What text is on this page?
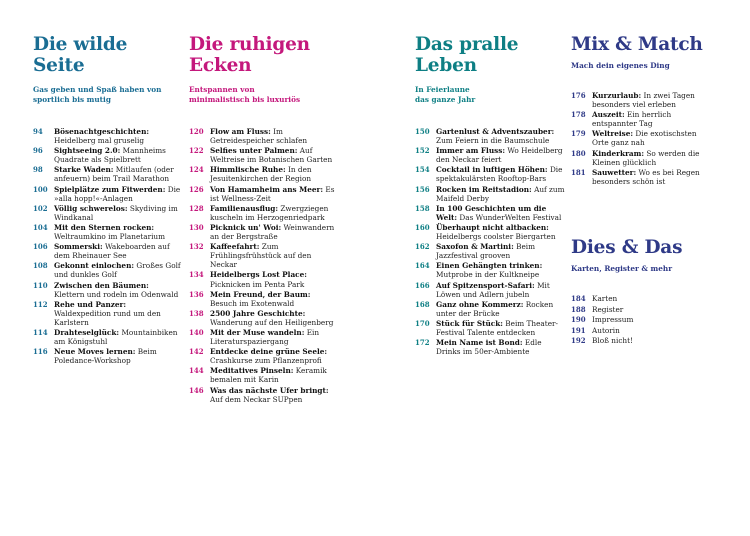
Die wilde
Seite

Gas geben und Spaß haben von
sportlich bis mutig

94 Bösenachtgeschichten: Heidelberg mal gruselig
96 Sightseeing 2.0: Mannheims Quadrate als Spielbrett
98 Starke Waden: Mitlaufen (oder anfeuern) beim Trail Marathon
100 Spielplätze zum Fitwerden: Die »alla hopp!«-Anlagen
102 Völlig schwerelos: Skydiving im Windkanal
104 Mit den Sternen rocken: Weltraumkino im Planetarium
106 Sommerski: Wakeboarden auf dem Rheinauer See
108 Gekonnt einlochen: Großes Golf und dunkles Golf
110 Zwischen den Bäumen: Klettern und rodeln im Odenwald
112 Rehe und Panzer: Waldexpedition rund um den Karlstern
114 Drahteselglück: Mountainbiken am Königstuhl
116 Neue Moves lernen: Beim Poledance-Workshop
Die ruhigen
Ecken

Entspannen von
minimalistisch bis luxuriös

120 Flow am Fluss: Im Getreidespeicher schlafen
122 Selfies unter Palmen: Auf Weltreise im Botanischen Garten
124 Himmlische Ruhe: In den Jesuitenkirchen der Region
126 Von Hamamheim ans Meer: Es ist Wellness-Zeit
128 Familienausflug: Zwergziegen kuscheln im Herzogenriedpark
130 Picknick un' Woi: Weinwandern an der Bergstraße
132 Kaffeefahrt: Zum Frühlingsfrühstück auf den Neckar
134 Heidelbergs Lost Place: Picknicken im Penta Park
136 Mein Freund, der Baum: Besuch im Exotenwald
138 2500 Jahre Geschichte: Wanderung auf den Heiligenberg
140 Mit der Muse wandeln: Ein Literaturspaziergang
142 Entdecke deine grüne Seele: Crashkurse zum Pflanzenprofi
144 Meditatives Pinseln: Keramik bemalen mit Karin
146 Was das nächste Ufer bringt: Auf dem Neckar SUPpen
Das pralle
Leben

In Feierlaune
das ganze Jahr

150 Gartenlust & Adventszauber: Zum Feiern in die Baumschule
152 Immer am Fluss: Wo Heidelberg den Neckar feiert
154 Cocktail in luftigen Höhen: Die spektakulärsten Rooftop-Bars
156 Rocken im Reitstadion: Auf zum Maifeld Derby
158 In 100 Geschichten um die Welt: Das WunderWelten Festival
160 Überhaupt nicht altbacken: Heidelbergs coolster Biergarten
162 Saxofon & Martini: Beim Jazzfestival grooven
164 Einen Gehängten trinken: Mutprobe in der Kultkneipe
166 Auf Spitzensport-Safari: Mit Löwen und Adlern jubeln
168 Ganz ohne Kommerz: Rocken unter der Brücke
170 Stück für Stück: Beim Theater-Festival Talente entdecken
172 Mein Name ist Bond: Edle Drinks im 50er-Ambiente
Mix & Match

Mach dein eigenes Ding

176 Kurzurlaub: In zwei Tagen besonders viel erleben
178 Auszeit: Ein herrlich entspannter Tag
179 Weltreise: Die exotischsten Orte ganz nah
180 Kinderkram: So werden die Kleinen glücklich
181 Sauwetter: Wo es bei Regen besonders schön ist
Dies & Das

Karten, Register & mehr

184 Karten
188 Register
190 Impressum
191 Autorin
192 Bloß nicht!
